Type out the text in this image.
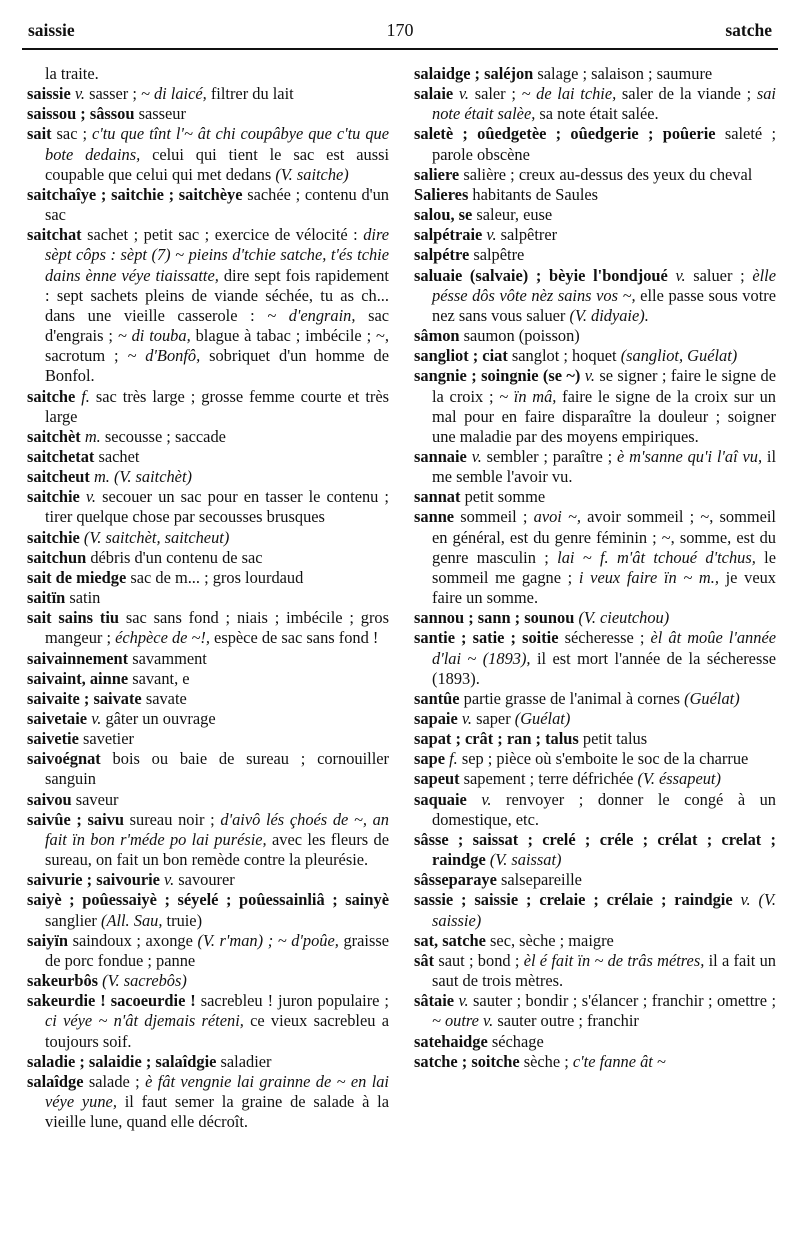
saissie	170	satche
la traite.
saissie v. sasser ; ~ di laicé, filtrer du lait
saissou ; sâssou sasseur
sait sac ; c'tu que tînt l'~ ât chi coupâbye que c'tu que bote dedains, celui qui tient le sac est aussi coupable que celui qui met dedans (V. saitche)
saitchaîye ; saitchie ; saitchèye sachée ; contenu d'un sac
saitchat sachet ; petit sac ; exercice de vélocité : dire sèpt côps : sèpt (7) ~ pieins d'tchie satche, t'és tchie dains ènne véye tiaissatte, dire sept fois rapidement : sept sachets pleins de viande séchée, tu as ch... dans une vieille casserole : ~ d'engrain, sac d'engrais ; ~ di touba, blague à tabac ; imbécile ; ~, sacrotum ; ~ d'Bonfô, sobriquet d'un homme de Bonfol.
saitche f. sac très large ; grosse femme courte et très large
saitchèt m. secousse ; saccade
saitchetat sachet
saitcheut m. (V. saitchèt)
saitchie v. secouer un sac pour en tasser le contenu ; tirer quelque chose par secousses brusques
saitchie (V. saitchèt, saitcheut)
saitchun débris d'un contenu de sac
sait de miedge sac de m... ; gros lourdaud
saitïn satin
sait sains tiu sac sans fond ; niais ; imbécile ; gros mangeur ; échpèce de ~!, espèce de sac sans fond !
saivainnement savamment
saivaint, ainne savant, e
saivaite ; saivate savate
saivetaie v. gâter un ouvrage
saivetie savetier
saivoégnat bois ou baie de sureau ; cornouiller sanguin
saivou saveur
saivûe ; saivu sureau noir ; d'aivô lés çhoés de ~, an fait ïn bon r'méde po lai purésie, avec les fleurs de sureau, on fait un bon remède contre la pleurésie.
saivurie ; saivourie v. savourer
saiyè ; poûessaiyè ; séyelé ; poûessainliâ ; sainyè sanglier (All. Sau, truie)
saiyïn saindoux ; axonge (V. r'man) ; ~ d'poûe, graisse de porc fondue ; panne
sakeurbôs (V. sacrebôs)
sakeurdie ! sacoeurdie ! sacrebleu ! juron populaire ; ci véye ~ n'ât djemais réteni, ce vieux sacrebleu a toujours soif.
saladie ; salaidie ; salaîdgie saladier
salaîdge salade ; è fât vengnie lai grainne de ~ en lai véye yune, il faut semer la graine de salade à la vieille lune, quand elle décroît.
salaidge ; saléjon salage ; salaison ; saumure
salaie v. saler ; ~ de lai tchie, saler de la viande ; sai note était salèe, sa note était salée.
saletè ; oûedgetèe ; oûedgerie ; poûerie saleté ; parole obscène
saliere salière ; creux au-dessus des yeux du cheval
Salieres habitants de Saules
salou, se saleur, euse
salpétraie v. salpêtrer
salpétre salpêtre
saluaie (salvaie) ; bèyie l'bondjoué v. saluer ; èlle pésse dôs vôte nèz sains vos ~, elle passe sous votre nez sans vous saluer (V. didyaie).
sâmon saumon (poisson)
sangliot ; ciat sanglot ; hoquet (sangliot, Guélat)
sangnie ; soingnie (se ~) v. se signer ; faire le signe de la croix ; ~ ïn mâ, faire le signe de la croix sur un mal pour en faire disparaître la douleur ; soigner une maladie par des moyens empiriques.
sannaie v. sembler ; paraître ; è m'sanne qu'i l'aî vu, il me semble l'avoir vu.
sannat petit somme
sanne sommeil ; avoi ~, avoir sommeil ; ~, sommeil en général, est du genre féminin ; ~, somme, est du genre masculin ; lai ~ f. m'ât tchoué d'tchus, le sommeil me gagne ; i veux faire ïn ~ m., je veux faire un somme.
sannou ; sann ; sounou (V. cieutchou)
santie ; satie ; soitie sécheresse ; èl ât moûe l'année d'lai ~ (1893), il est mort l'année de la sécheresse (1893).
santûe partie grasse de l'animal à cornes (Guélat)
sapaie v. saper (Guélat)
sapat ; crât ; ran ; talus petit talus
sape f. sep ; pièce où s'emboite le soc de la charrue
sapeut sapement ; terre défrichée (V. éssapeut)
saquaie v. renvoyer ; donner le congé à un domestique, etc.
sâsse ; saissat ; crelé ; créle ; crélat ; crelat ; raindge (V. saissat)
sâsseparaye salsepareille
sassie ; saissie ; crelaie ; crélaie ; raindgie v. (V. saissie)
sat, satche sec, sèche ; maigre
sât saut ; bond ; èl é fait ïn ~ de trâs métres, il a fait un saut de trois mètres.
sâtaie v. sauter ; bondir ; s'élancer ; franchir ; omettre ; ~ outre v. sauter outre ; franchir
satehaidge séchage
satche ; soitche sèche ; c'te fanne ât ~
